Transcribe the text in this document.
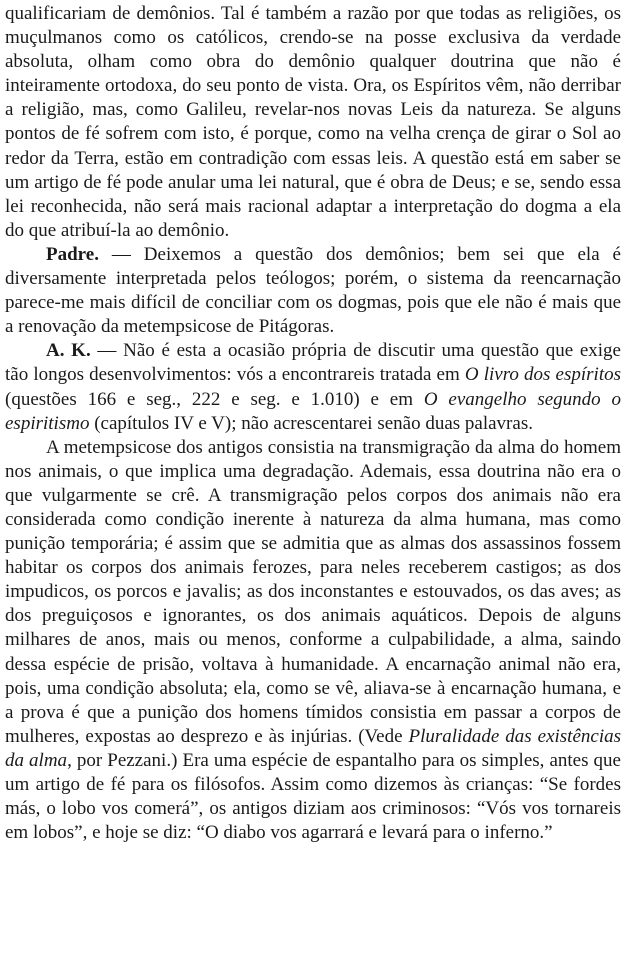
qualificariam de demônios. Tal é também a razão por que todas as religiões, os muçulmanos como os católicos, crendo-se na posse exclusiva da verdade absoluta, olham como obra do demônio qualquer doutrina que não é inteiramente ortodoxa, do seu ponto de vista. Ora, os Espíritos vêm, não derribar a religião, mas, como Galileu, revelar-nos novas Leis da natureza. Se alguns pontos de fé sofrem com isto, é porque, como na velha crença de girar o Sol ao redor da Terra, estão em contradição com essas leis. A questão está em saber se um artigo de fé pode anular uma lei natural, que é obra de Deus; e se, sendo essa lei reconhecida, não será mais racional adaptar a interpretação do dogma a ela do que atribuí-la ao demônio.

Padre. — Deixemos a questão dos demônios; bem sei que ela é diversamente interpretada pelos teólogos; porém, o sistema da reencarnação parece-me mais difícil de conciliar com os dogmas, pois que ele não é mais que a renovação da metempsicose de Pitágoras.

A. K. — Não é esta a ocasião própria de discutir uma questão que exige tão longos desenvolvimentos: vós a encontrareis tratada em O livro dos espíritos (questões 166 e seg., 222 e seg. e 1.010) e em O evangelho segundo o espiritismo (capítulos IV e V); não acrescentarei senão duas palavras.

A metempsicose dos antigos consistia na transmigração da alma do homem nos animais, o que implica uma degradação. Ademais, essa doutrina não era o que vulgarmente se crê. A transmigração pelos corpos dos animais não era considerada como condição inerente à natureza da alma humana, mas como punição temporária; é assim que se admitia que as almas dos assassinos fossem habitar os corpos dos animais ferozes, para neles receberem castigos; as dos impudicos, os porcos e javalis; as dos inconstantes e estouvados, os das aves; as dos preguiçosos e ignorantes, os dos animais aquáticos. Depois de alguns milhares de anos, mais ou menos, conforme a culpabilidade, a alma, saindo dessa espécie de prisão, voltava à humanidade. A encarnação animal não era, pois, uma condição absoluta; ela, como se vê, aliava-se à encarnação humana, e a prova é que a punição dos homens tímidos consistia em passar a corpos de mulheres, expostas ao desprezo e às injúrias. (Vede Pluralidade das existências da alma, por Pezzani.) Era uma espécie de espantalho para os simples, antes que um artigo de fé para os filósofos. Assim como dizemos às crianças: “Se fordes más, o lobo vos comerá”, os antigos diziam aos criminosos: “Vós vos tornareis em lobos”, e hoje se diz: “O diabo vos agarrará e levará para o inferno.”
